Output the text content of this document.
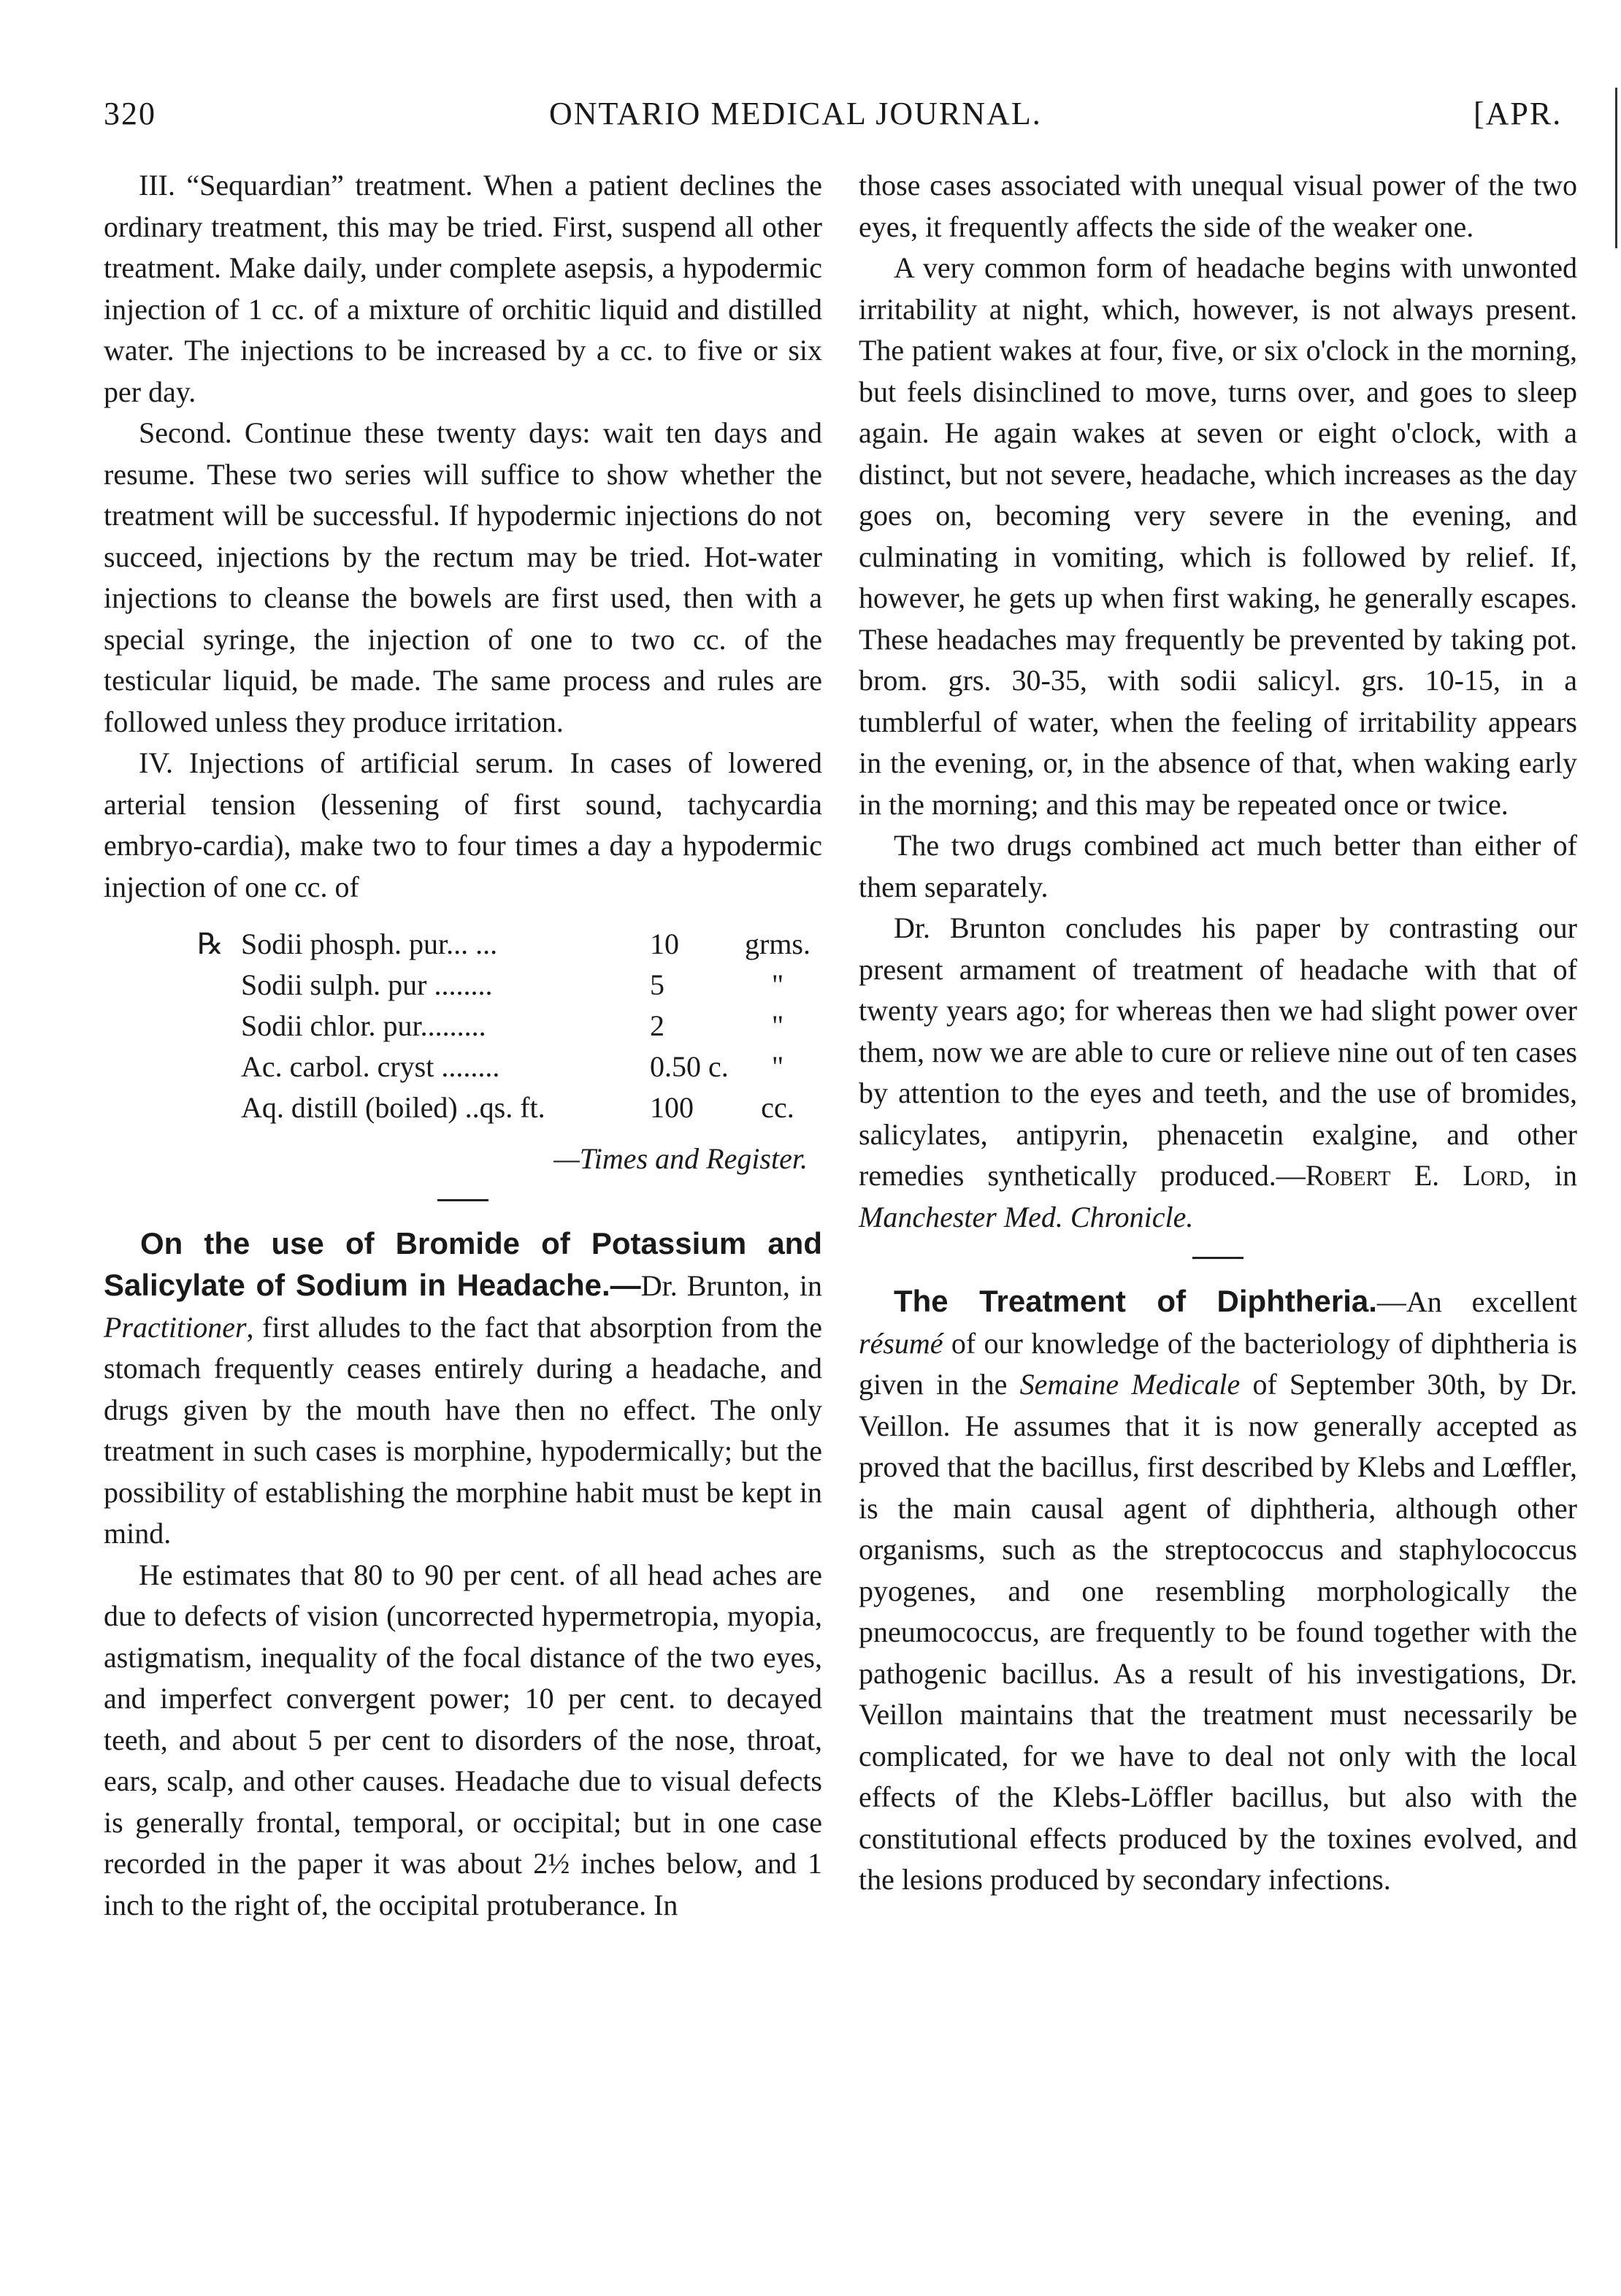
320	ONTARIO MEDICAL JOURNAL.	[APR.

III. “Sequardian” treatment. When a patient declines the ordinary treatment, this may be tried. First, suspend all other treatment. Make daily, under complete asepsis, a hypodermic injection of 1 cc. of a mixture of orchitic liquid and distilled water. The injections to be increased by a cc. to five or six per day.

Second. Continue these twenty days: wait ten days and resume. These two series will suffice to show whether the treatment will be successful. If hypodermic injections do not succeed, injections by the rectum may be tried. Hot-water injections to cleanse the bowels are first used, then with a special syringe, the injection of one to two cc. of the testicular liquid, be made. The same process and rules are followed unless they produce irritation.

IV. Injections of artificial serum. In cases of lowered arterial tension (lessening of first sound, tachycardia embryo-cardia), make two to four times a day a hypodermic injection of one cc. of

℞ Sodii phosph. pur... ...	10	grms.
Sodii sulph. pur ........	5	"
Sodii chlor. pur.........	2	"
Ac. carbol. cryst ........	0.50 c.	"
Aq. distill (boiled) ..qs. ft.	100	cc.
—Times and Register.

On the use of Bromide of Potassium and Salicylate of Sodium in Headache.—Dr. Brunton, in Practitioner, first alludes to the fact that absorption from the stomach frequently ceases entirely during a headache, and drugs given by the mouth have then no effect. The only treatment in such cases is morphine, hypodermically; but the possibility of establishing the morphine habit must be kept in mind.

He estimates that 80 to 90 per cent. of all head aches are due to defects of vision (uncorrected hypermetropia, myopia, astigmatism, inequality of the focal distance of the two eyes, and imperfect convergent power; 10 per cent. to decayed teeth, and about 5 per cent to disorders of the nose, throat, ears, scalp, and other causes. Headache due to visual defects is generally frontal, temporal, or occipital; but in one case recorded in the paper it was about 2½ inches below, and 1 inch to the right of, the occipital protuberance. In

those cases associated with unequal visual power of the two eyes, it frequently affects the side of the weaker one.

A very common form of headache begins with unwonted irritability at night, which, however, is not always present. The patient wakes at four, five, or six o'clock in the morning, but feels disinclined to move, turns over, and goes to sleep again. He again wakes at seven or eight o'clock, with a distinct, but not severe, headache, which increases as the day goes on, becoming very severe in the evening, and culminating in vomiting, which is followed by relief. If, however, he gets up when first waking, he generally escapes. These headaches may frequently be prevented by taking pot. brom. grs. 30-35, with sodii salicyl. grs. 10-15, in a tumblerful of water, when the feeling of irritability appears in the evening, or, in the absence of that, when waking early in the morning; and this may be repeated once or twice.

The two drugs combined act much better than either of them separately.

Dr. Brunton concludes his paper by contrasting our present armament of treatment of headache with that of twenty years ago; for whereas then we had slight power over them, now we are able to cure or relieve nine out of ten cases by attention to the eyes and teeth, and the use of bromides, salicylates, antipyrin, phenacetin exalgine, and other remedies synthetically produced.—Robert E. Lord, in Manchester Med. Chronicle.

The Treatment of Diphtheria.—An excellent résumé of our knowledge of the bacteriology of diphtheria is given in the Semaine Medicale of September 30th, by Dr. Veillon. He assumes that it is now generally accepted as proved that the bacillus, first described by Klebs and Lœffler, is the main causal agent of diphtheria, although other organisms, such as the streptococcus and staphylococcus pyogenes, and one resembling morphologically the pneumococcus, are frequently to be found together with the pathogenic bacillus. As a result of his investigations, Dr. Veillon maintains that the treatment must necessarily be complicated, for we have to deal not only with the local effects of the Klebs-Löffler bacillus, but also with the constitutional effects produced by the toxines evolved, and the lesions produced by secondary infections.
